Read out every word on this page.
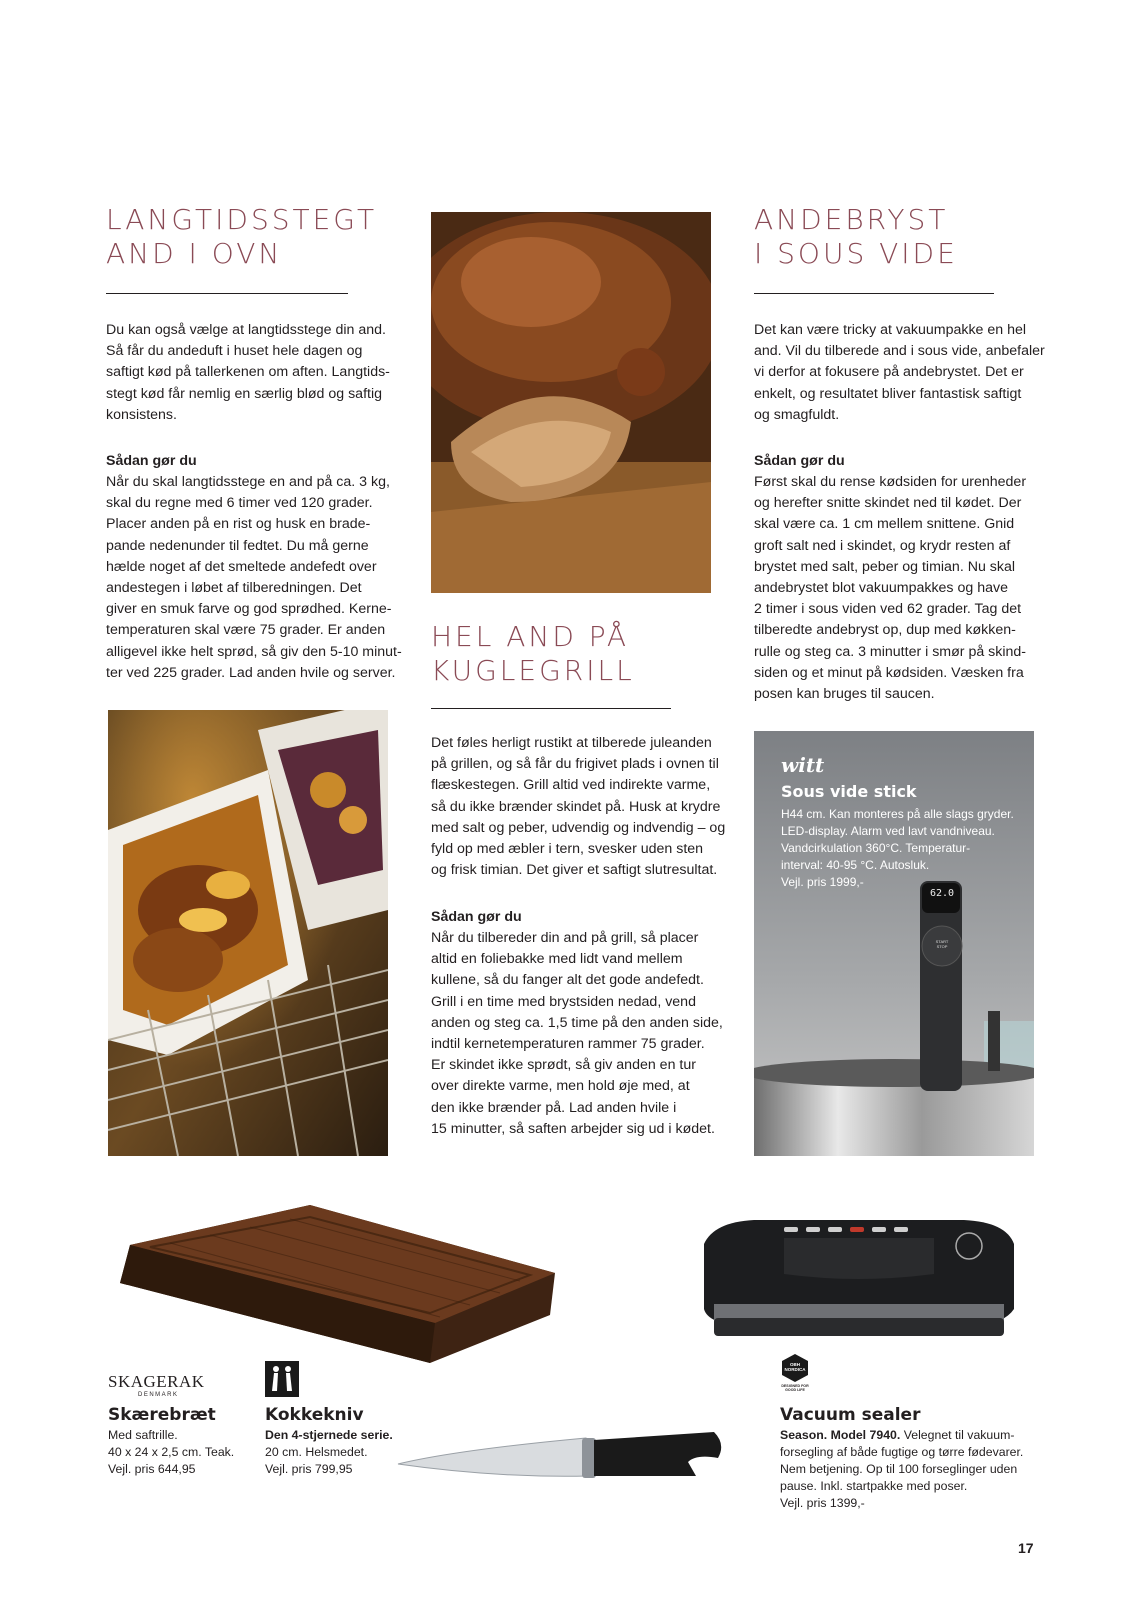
LANGTIDSSTEGT
AND I OVN

Du kan også vælge at langtidsstege din and.
Så får du andeduft i huset hele dagen og
saftigt kød på tallerkenen om aften. Langtids-
stegt kød får nemlig en særlig blød og saftig
konsistens.

Sådan gør du

Når du skal langtidsstege en and på ca. 3 kg,
skal du regne med 6 timer ved 120 grader.
Placer anden på en rist og husk en brade-
pande nedenunder til fedtet. Du må gerne
hælde noget af det smeltede andefedt over
andestegen i løbet af tilberedningen. Det
giver en smuk farve og god sprødhed. Kerne-
temperaturen skal være 75 grader. Er anden
alligevel ikke helt sprød, så giv den 5-10 minut-
ter ved 225 grader. Lad anden hvile og server.

HEL AND PÅ
KUGLEGRILL

Det føles herligt rustikt at tilberede juleanden
på grillen, og så får du frigivet plads i ovnen til
flæskestegen. Grill altid ved indirekte varme,
så du ikke brænder skindet på. Husk at krydre
med salt og peber, udvendig og indvendig – og
fyld op med æbler i tern, svesker uden sten
og frisk timian. Det giver et saftigt slutresultat.

Sådan gør du

Når du tilbereder din and på grill, så placer
altid en foliebakke med lidt vand mellem
kullene, så du fanger alt det gode andefedt.
Grill i en time med brystsiden nedad, vend
anden og steg ca. 1,5 time på den anden side,
indtil kernetemperaturen rammer 75 grader.
Er skindet ikke sprødt, så giv anden en tur
over direkte varme, men hold øje med, at
den ikke brænder på. Lad anden hvile i
15 minutter, så saften arbejder sig ud i kødet.

ANDEBRYST
I SOUS VIDE

Det kan være tricky at vakuumpakke en hel
and. Vil du tilberede and i sous vide, anbefaler
vi derfor at fokusere på andebrystet. Det er
enkelt, og resultatet bliver fantastisk saftigt
og smagfuldt.

Sådan gør du

Først skal du rense kødsiden for urenheder
og herefter snitte skindet ned til kødet. Der
skal være ca. 1 cm mellem snittene. Gnid
groft salt ned i skindet, og krydr resten af
brystet med salt, peber og timian. Nu skal
andebrystet blot vakuumpakkes og have
2 timer i sous viden ved 62 grader. Tag det
tilberedte andebryst op, dup med køkken-
rulle og steg ca. 3 minutter i smør på skind-
siden og et minut på kødsiden. Væsken fra
posen kan bruges til saucen.

62.0
START STOP
witt
Sous vide stick

H44 cm. Kan monteres på alle slags gryder.
LED-display. Alarm ved lavt vandniveau.
Vandcirkulation 360°C. Temperatur-
interval: 40-95 °C. Autosluk.
Vejl. pris 1999,-

SKAGERAK
DENMARK

Skærebræt

Med saftrille.
40 x 24 x 2,5 cm. Teak.
Vejl. pris 644,95

Kokkekniv

Den 4-stjernede serie.

20 cm. Helsmedet.
Vejl. pris 799,95

OBH NORDICA
DESIGNED FOR GOOD LIFE

Vacuum sealer

Season. Model 7940. Velegnet til vakuum-
forsegling af både fugtige og tørre fødevarer.
Nem betjening. Op til 100 forseglinger uden
pause. Inkl. startpakke med poser.
Vejl. pris 1399,-

17
